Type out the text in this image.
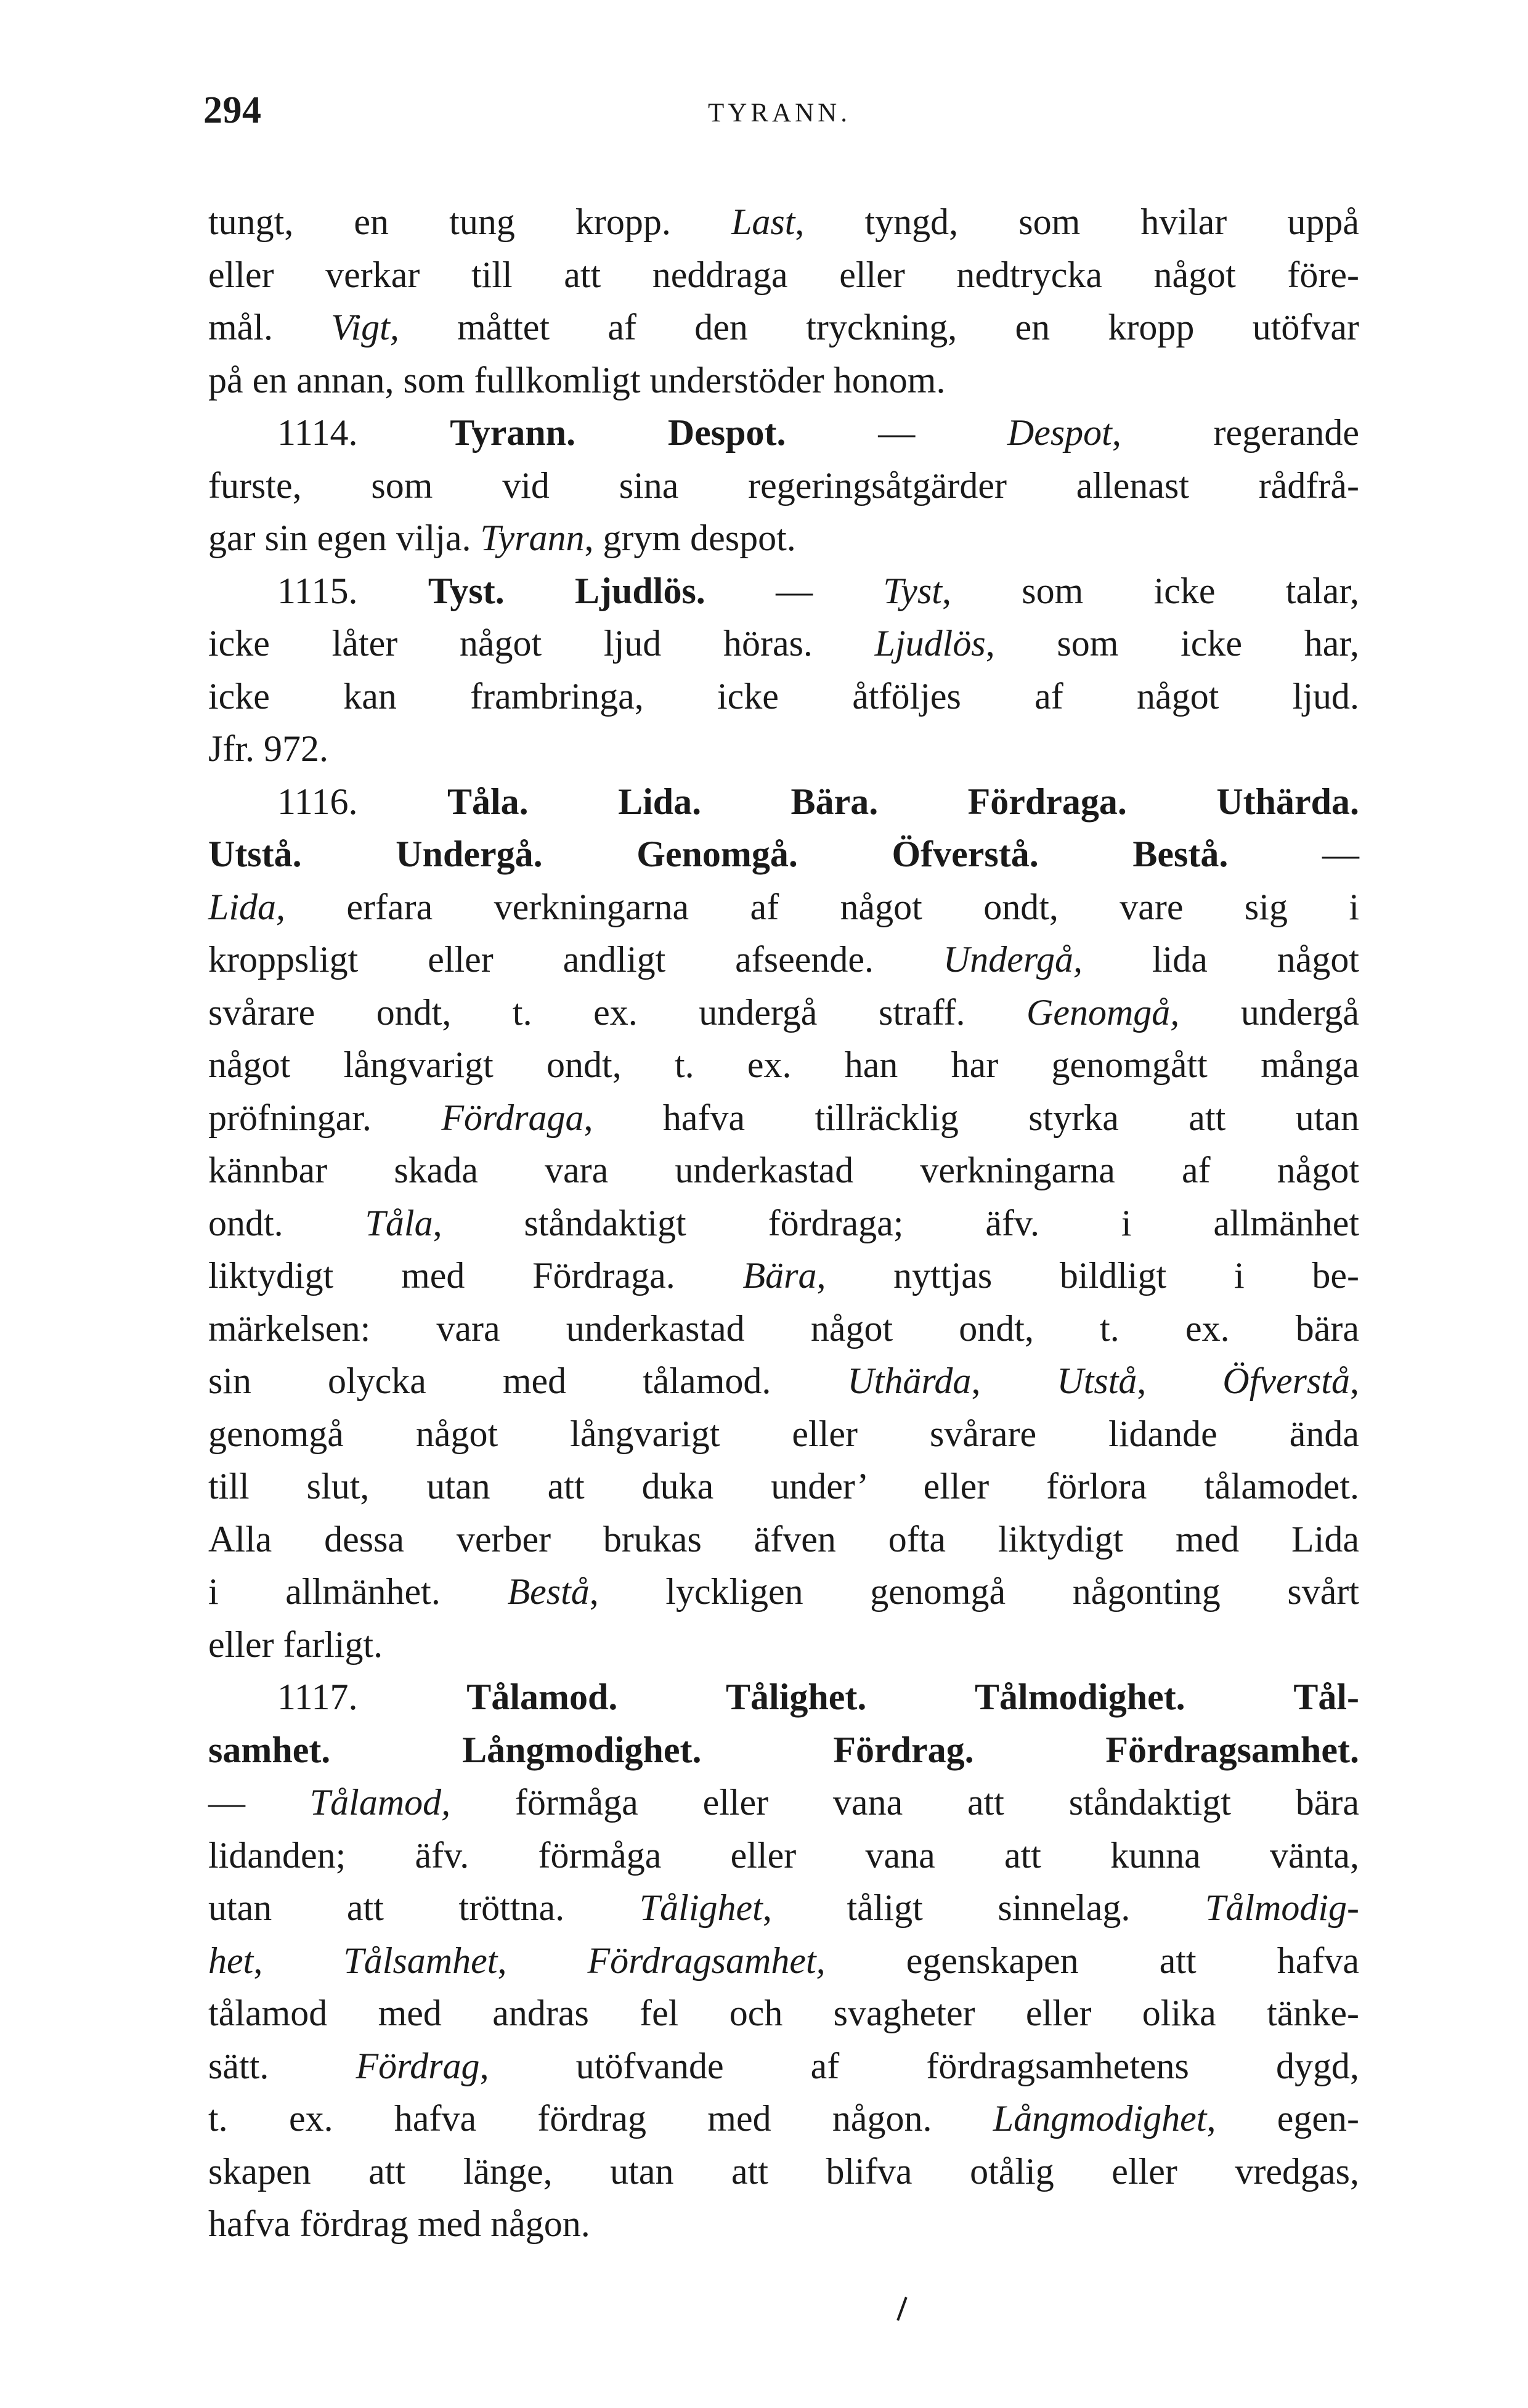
294	TYRANN.
tungt, en tung kropp. Last, tyngd, som hvilar uppå
eller verkar till att neddraga eller nedtrycka något före-
mål. Vigt, måttet af den tryckning, en kropp utöfvar
på en annan, som fullkomligt understöder honom.
1114. Tyrann. Despot. — Despot, regerande
furste, som vid sina regeringsåtgärder allenast rådfrå-
gar sin egen vilja. Tyrann, grym despot.
1115. Tyst. Ljudlös. — Tyst, som icke talar,
icke låter något ljud höras. Ljudlös, som icke har,
icke kan frambringa, icke åtföljes af något ljud.
Jfr. 972.
1116. Tåla. Lida. Bära. Fördraga. Uthärda.
Utstå. Undergå. Genomgå. Öfverstå. Bestå. —
Lida, erfara verkningarna af något ondt, vare sig i
kroppsligt eller andligt afseende. Undergå, lida något
svårare ondt, t. ex. undergå straff. Genomgå, undergå
något långvarigt ondt, t. ex. han har genomgått många
pröfningar. Fördraga, hafva tillräcklig styrka att utan
kännbar skada vara underkastad verkningarna af något
ondt. Tåla, ståndaktigt fördraga; äfv. i allmänhet
liktydigt med Fördraga. Bära, nyttjas bildligt i be-
märkelsen: vara underkastad något ondt, t. ex. bära
sin olycka med tålamod. Uthärda, Utstå, Öfverstå,
genomgå något långvarigt eller svårare lidande ända
till slut, utan att duka under’ eller förlora tålamodet.
Alla dessa verber brukas äfven ofta liktydigt med Lida
i allmänhet. Bestå, lyckligen genomgå någonting svårt
eller farligt.
1117. Tålamod. Tålighet. Tålmodighet. Tål-
samhet. Långmodighet. Fördrag. Fördragsamhet.
— Tålamod, förmåga eller vana att ståndaktigt bära
lidanden; äfv. förmåga eller vana att kunna vänta,
utan att tröttna. Tålighet, tåligt sinnelag. Tålmodig-
het, Tålsamhet, Fördragsamhet, egenskapen att hafva
tålamod med andras fel och svagheter eller olika tänke-
sätt. Fördrag, utöfvande af fördragsamhetens dygd,
t. ex. hafva fördrag med någon. Långmodighet, egen-
skapen att länge, utan att blifva otålig eller vredgas,
hafva fördrag med någon.
